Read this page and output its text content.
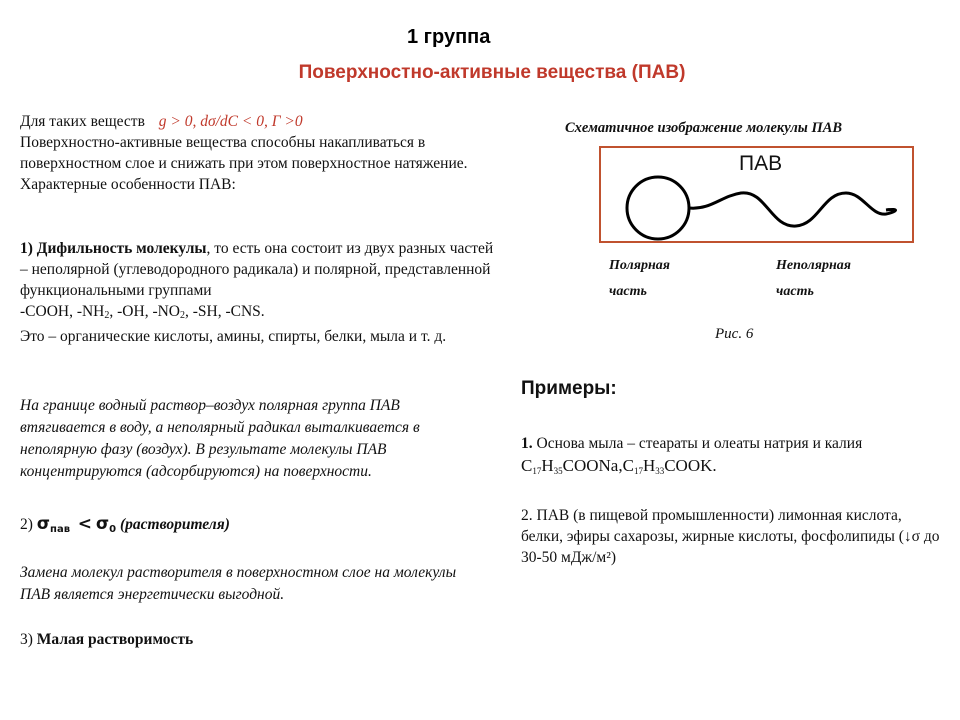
1 группа
Поверхностно-активные вещества (ПАВ)
Для таких веществ g > 0, dσ/dC < 0, Г >0
Поверхностно-активные вещества способны накапливаться в поверхностном слое и снижать при этом поверхностное натяжение.
Характерные особенности ПАВ:
1) Дифильность молекулы, то есть она состоит из двух разных частей – неполярной (углеводородного радикала) и полярной, представленной функциональными группами
-COOH, $-NH_2$, -OH, $-NO_2$, -SH, -CNS.
Это – органические кислоты, амины, спирты, белки, мыла и т. д.
На границе водный раствор–воздух полярная группа ПАВ втягивается в воду, а неполярный радикал выталкивается в неполярную фазу (воздух). В результате молекулы ПАВ концентрируются (адсорбируются) на поверхности.
2) σпав < σ0 (растворителя)
Замена молекул растворителя в поверхностном слое на молекулы ПАВ является энергетически выгодной.
3) Малая растворимость
Схематичное изображение молекулы ПАВ
ПАВ
Полярная
часть
Неполярная
часть
Рис. 6
Примеры:
1. Основа мыла – стеараты и олеаты натрия и калия
C17H35COONa,C17H33COOK.
2. ПАВ (в пищевой промышленности) лимонная кислота, белки, эфиры сахарозы, жирные кислоты, фосфолипиды (↓σ до 30-50 мДж/м²)
